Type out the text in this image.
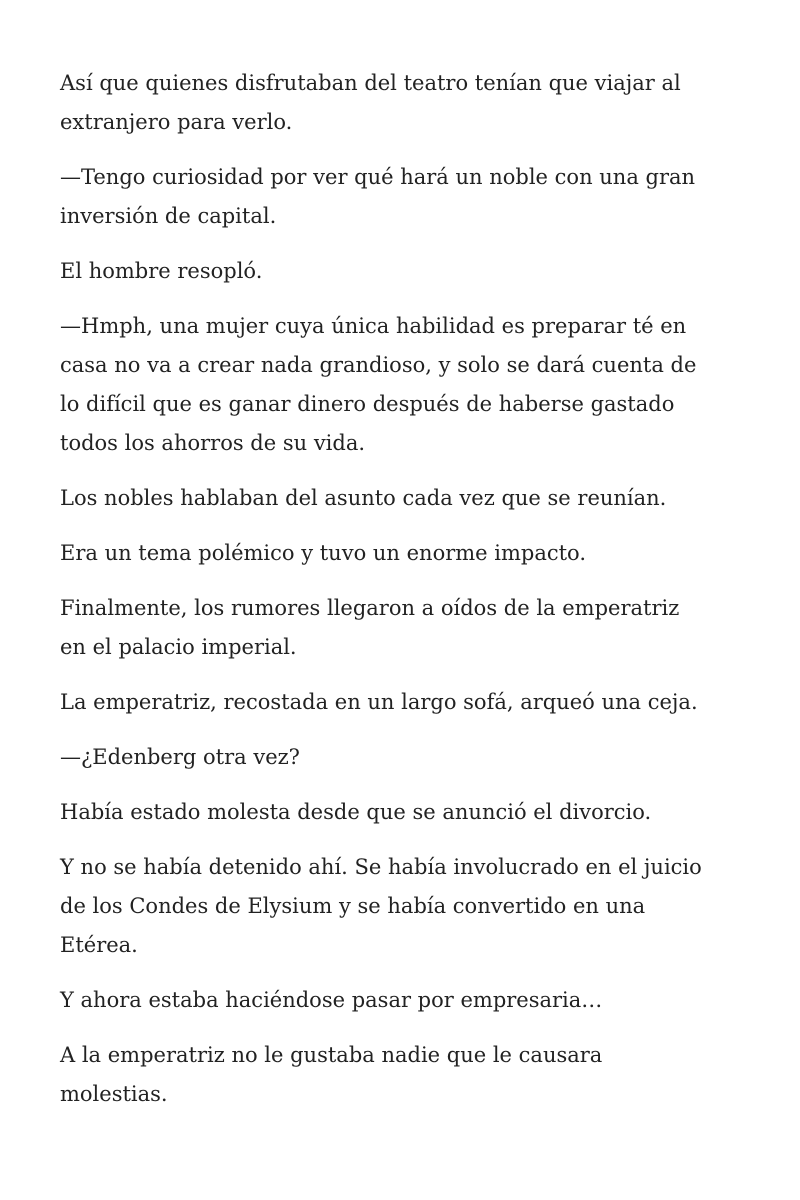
Así que quienes disfrutaban del teatro tenían que viajar al
extranjero para verlo.

—Tengo curiosidad por ver qué hará un noble con una gran
inversión de capital.

El hombre resopló.

—Hmph, una mujer cuya única habilidad es preparar té en
casa no va a crear nada grandioso, y solo se dará cuenta de
lo difícil que es ganar dinero después de haberse gastado
todos los ahorros de su vida.

Los nobles hablaban del asunto cada vez que se reunían.

Era un tema polémico y tuvo un enorme impacto.

Finalmente, los rumores llegaron a oídos de la emperatriz
en el palacio imperial.

La emperatriz, recostada en un largo sofá, arqueó una ceja.

—¿Edenberg otra vez?

Había estado molesta desde que se anunció el divorcio.

Y no se había detenido ahí. Se había involucrado en el juicio
de los Condes de Elysium y se había convertido en una
Etérea.

Y ahora estaba haciéndose pasar por empresaria…

A la emperatriz no le gustaba nadie que le causara
molestias.
